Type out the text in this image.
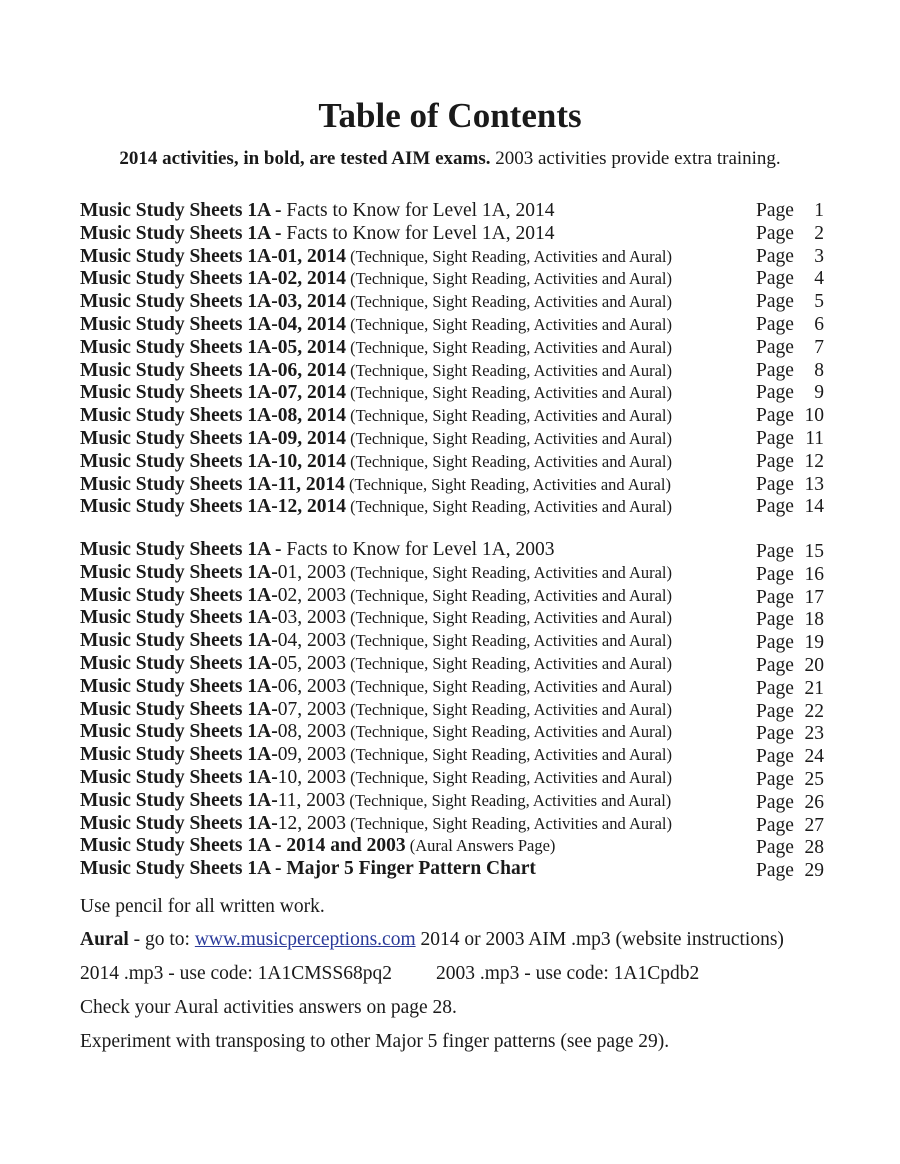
Table of Contents

2014 activities, in bold, are tested AIM exams. 2003 activities provide extra training.

Music Study Sheets 1A - Facts to Know for Level 1A, 2014	Page 1
Music Study Sheets 1A - Facts to Know for Level 1A, 2014	Page 2
Music Study Sheets 1A-01, 2014 (Technique, Sight Reading, Activities and Aural)	Page 3
Music Study Sheets 1A-02, 2014 (Technique, Sight Reading, Activities and Aural)	Page 4
Music Study Sheets 1A-03, 2014 (Technique, Sight Reading, Activities and Aural)	Page 5
Music Study Sheets 1A-04, 2014 (Technique, Sight Reading, Activities and Aural)	Page 6
Music Study Sheets 1A-05, 2014 (Technique, Sight Reading, Activities and Aural)	Page 7
Music Study Sheets 1A-06, 2014 (Technique, Sight Reading, Activities and Aural)	Page 8
Music Study Sheets 1A-07, 2014 (Technique, Sight Reading, Activities and Aural)	Page 9
Music Study Sheets 1A-08, 2014 (Technique, Sight Reading, Activities and Aural)	Page 10
Music Study Sheets 1A-09, 2014 (Technique, Sight Reading, Activities and Aural)	Page 11
Music Study Sheets 1A-10, 2014 (Technique, Sight Reading, Activities and Aural)	Page 12
Music Study Sheets 1A-11, 2014 (Technique, Sight Reading, Activities and Aural)	Page 13
Music Study Sheets 1A-12, 2014 (Technique, Sight Reading, Activities and Aural)	Page 14
Music Study Sheets 1A - Facts to Know for Level 1A, 2003	Page 15
Music Study Sheets 1A-01, 2003 (Technique, Sight Reading, Activities and Aural)	Page 16
Music Study Sheets 1A-02, 2003 (Technique, Sight Reading, Activities and Aural)	Page 17
Music Study Sheets 1A-03, 2003 (Technique, Sight Reading, Activities and Aural)	Page 18
Music Study Sheets 1A-04, 2003 (Technique, Sight Reading, Activities and Aural)	Page 19
Music Study Sheets 1A-05, 2003 (Technique, Sight Reading, Activities and Aural)	Page 20
Music Study Sheets 1A-06, 2003 (Technique, Sight Reading, Activities and Aural)	Page 21
Music Study Sheets 1A-07, 2003 (Technique, Sight Reading, Activities and Aural)	Page 22
Music Study Sheets 1A-08, 2003 (Technique, Sight Reading, Activities and Aural)	Page 23
Music Study Sheets 1A-09, 2003 (Technique, Sight Reading, Activities and Aural)	Page 24
Music Study Sheets 1A-10, 2003 (Technique, Sight Reading, Activities and Aural)	Page 25
Music Study Sheets 1A-11, 2003 (Technique, Sight Reading, Activities and Aural)	Page 26
Music Study Sheets 1A-12, 2003 (Technique, Sight Reading, Activities and Aural)	Page 27
Music Study Sheets 1A - 2014 and 2003 (Aural Answers Page)	Page 28
Music Study Sheets 1A - Major 5 Finger Pattern Chart	Page 29
Use pencil for all written work.
Aural - go to: www.musicperceptions.com 2014 or 2003 AIM .mp3 (website instructions)
2014 .mp3 - use code: 1A1CMSS68pq2 2003 .mp3 - use code: 1A1Cpdb2
Check your Aural activities answers on page 28.
Experiment with transposing to other Major 5 finger patterns (see page 29).
